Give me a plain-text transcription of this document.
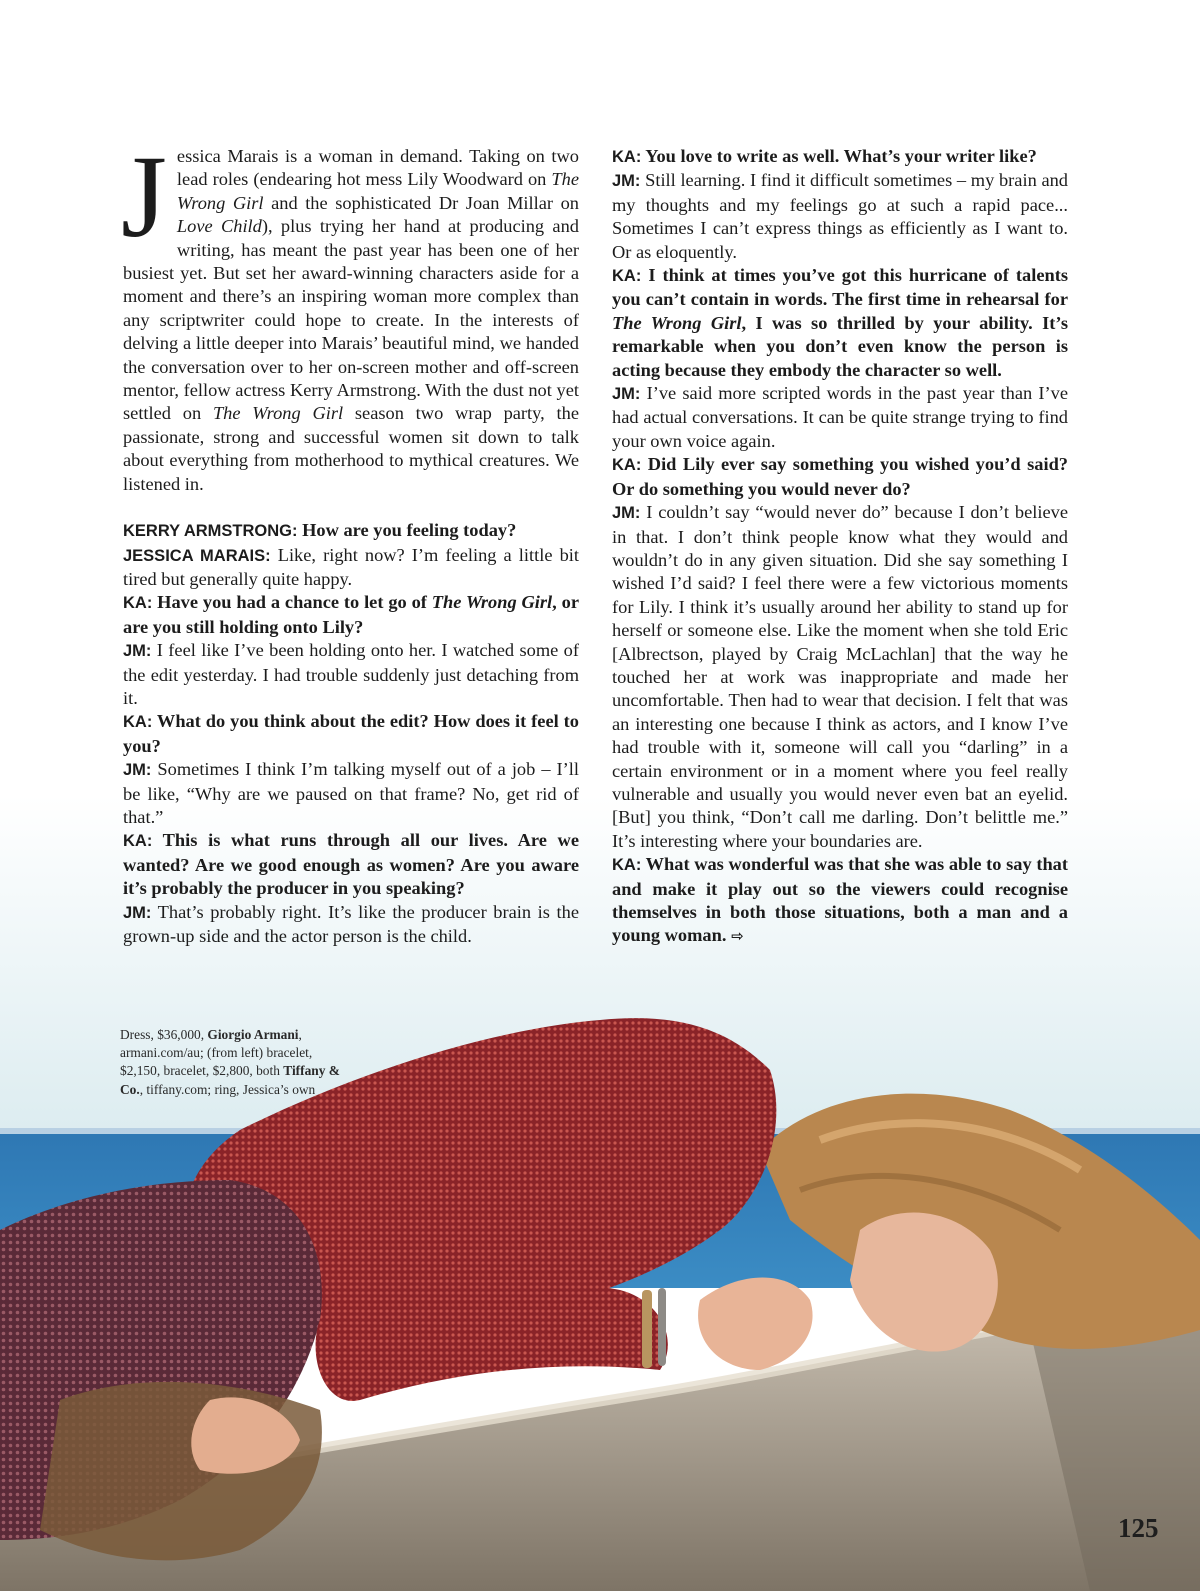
Jessica Marais is a woman in demand. Taking on two lead roles (endearing hot mess Lily Woodward on The Wrong Girl and the sophisticated Dr Joan Millar on Love Child), plus trying her hand at producing and writing, has meant the past year has been one of her busiest yet. But set her award-winning characters aside for a moment and there’s an inspiring woman more complex than any scriptwriter could hope to create. In the interests of delving a little deeper into Marais’ beautiful mind, we handed the conversation over to her on-screen mother and off-screen mentor, fellow actress Kerry Armstrong. With the dust not yet settled on The Wrong Girl season two wrap party, the passionate, strong and successful women sit down to talk about everything from motherhood to mythical creatures. We listened in.

KERRY ARMSTRONG: How are you feeling today?

JESSICA MARAIS: Like, right now? I’m feeling a little bit tired but generally quite happy.

KA: Have you had a chance to let go of The Wrong Girl, or are you still holding onto Lily?

JM: I feel like I’ve been holding onto her. I watched some of the edit yesterday. I had trouble suddenly just detaching from it.

KA: What do you think about the edit? How does it feel to you?

JM: Sometimes I think I’m talking myself out of a job – I’ll be like, “Why are we paused on that frame? No, get rid of that.”

KA: This is what runs through all our lives. Are we wanted? Are we good enough as women? Are you aware it’s probably the producer in you speaking?

JM: That’s probably right. It’s like the producer brain is the grown-up side and the actor person is the child.

KA: You love to write as well. What’s your writer like?

JM: Still learning. I find it difficult sometimes – my brain and my thoughts and my feelings go at such a rapid pace... Sometimes I can’t express things as efficiently as I want to. Or as eloquently.

KA: I think at times you’ve got this hurricane of talents you can’t contain in words. The first time in rehearsal for The Wrong Girl, I was so thrilled by your ability. It’s remarkable when you don’t even know the person is acting because they embody the character so well.

JM: I’ve said more scripted words in the past year than I’ve had actual conversations. It can be quite strange trying to find your own voice again.

KA: Did Lily ever say something you wished you’d said? Or do something you would never do?

JM: I couldn’t say “would never do” because I don’t believe in that. I don’t think people know what they would and wouldn’t do in any given situation. Did she say something I wished I’d said? I feel there were a few victorious moments for Lily. I think it’s usually around her ability to stand up for herself or someone else. Like the moment when she told Eric [Albrectson, played by Craig McLachlan] that the way he touched her at work was inappropriate and made her uncomfortable. Then had to wear that decision. I felt that was an interesting one because I think as actors, and I know I’ve had trouble with it, someone will call you “darling” in a certain environment or in a moment where you feel really vulnerable and usually you would never even bat an eyelid. [But] you think, “Don’t call me darling. Don’t belittle me.” It’s interesting where your boundaries are.

KA: What was wonderful was that she was able to say that and make it play out so the viewers could recognise themselves in both those situations, both a man and a young woman. ⇨

Dress, $36,000, Giorgio Armani, armani.com/au; (from left) bracelet, $2,150, bracelet, $2,800, both Tiffany & Co., tiffany.com; ring, Jessica’s own
125
